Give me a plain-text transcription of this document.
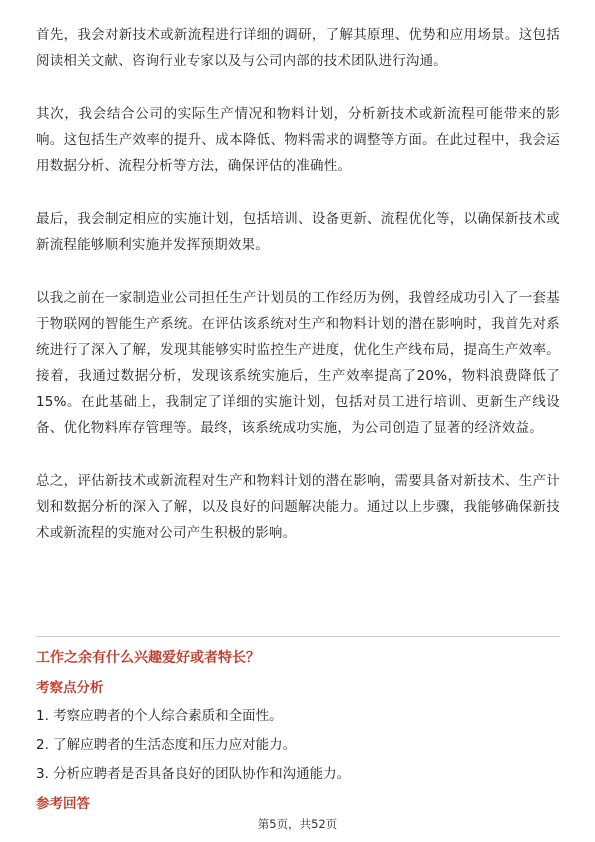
首先，我会对新技术或新流程进行详细的调研，了解其原理、优势和应用场景。这包括阅读相关文献、咨询行业专家以及与公司内部的技术团队进行沟通。

其次，我会结合公司的实际生产情况和物料计划，分析新技术或新流程可能带来的影响。这包括生产效率的提升、成本降低、物料需求的调整等方面。在此过程中，我会运用数据分析、流程分析等方法，确保评估的准确性。

最后，我会制定相应的实施计划，包括培训、设备更新、流程优化等，以确保新技术或新流程能够顺利实施并发挥预期效果。

以我之前在一家制造业公司担任生产计划员的工作经历为例，我曾经成功引入了一套基于物联网的智能生产系统。在评估该系统对生产和物料计划的潜在影响时，我首先对系统进行了深入了解，发现其能够实时监控生产进度，优化生产线布局，提高生产效率。接着，我通过数据分析，发现该系统实施后，生产效率提高了20%，物料浪费降低了15%。在此基础上，我制定了详细的实施计划，包括对员工进行培训、更新生产线设备、优化物料库存管理等。最终，该系统成功实施，为公司创造了显著的经济效益。

总之，评估新技术或新流程对生产和物料计划的潜在影响，需要具备对新技术、生产计划和数据分析的深入了解，以及良好的问题解决能力。通过以上步骤，我能够确保新技术或新流程的实施对公司产生积极的影响。

工作之余有什么兴趣爱好或者特长？
考察点分析
1. 考察应聘者的个人综合素质和全面性。
2. 了解应聘者的生活态度和压力应对能力。
3. 分析应聘者是否具备良好的团队协作和沟通能力。
参考回答
第5页，共52页
